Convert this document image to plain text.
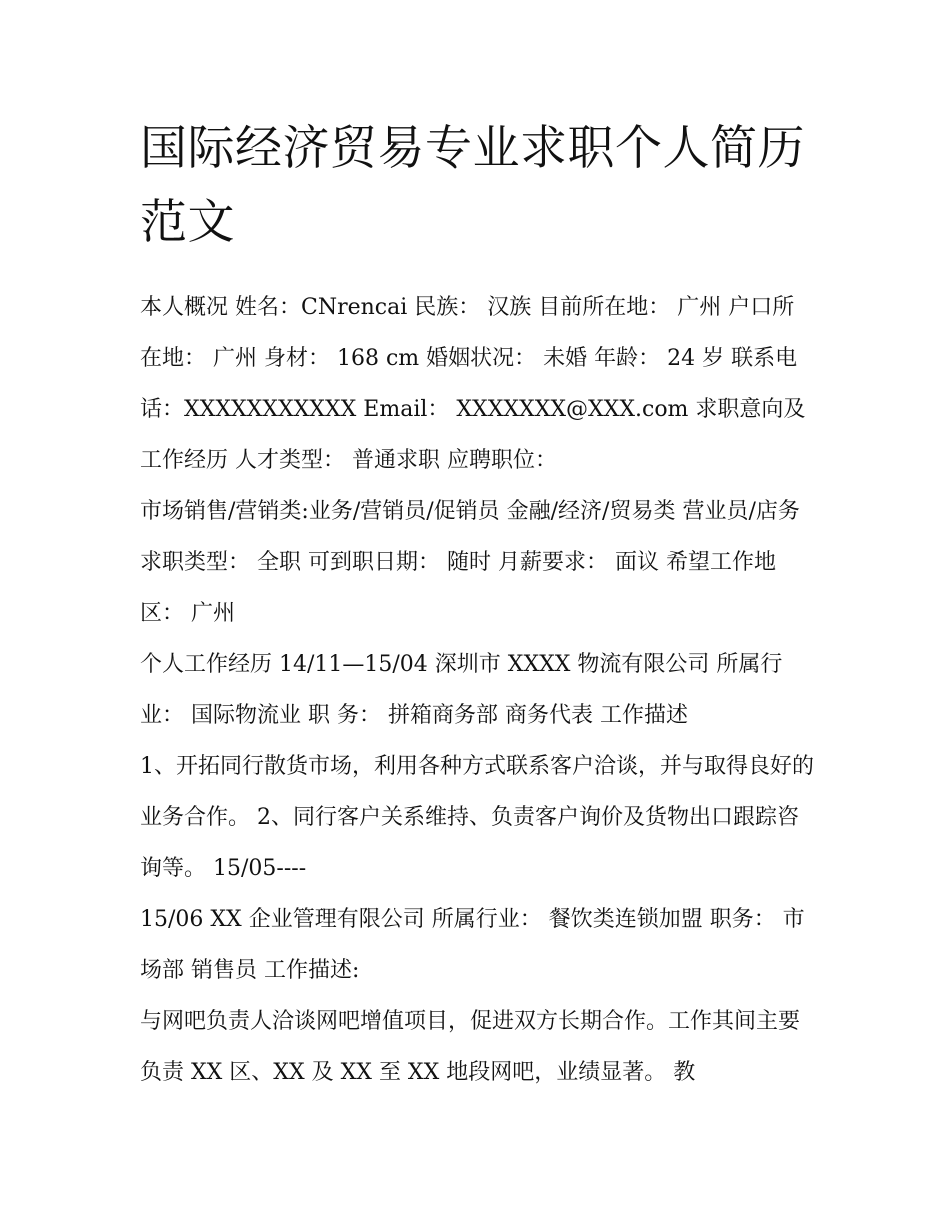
国际经济贸易专业求职个人简历范文

本人概况 姓名：CNrencai 民族： 汉族 目前所在地： 广州 户口所在地： 广州 身材： 168 cm 婚姻状况： 未婚 年龄： 24 岁 联系电话：XXXXXXXXXXX Email： XXXXXXX@XXX.com 求职意向及工作经历 人才类型： 普通求职 应聘职位：

市场销售/营销类:业务/营销员/促销员 金融/经济/贸易类 营业员/店务 求职类型： 全职 可到职日期： 随时 月薪要求： 面议 希望工作地区： 广州

个人工作经历 14/11—15/04 深圳市 XXXX 物流有限公司 所属行业： 国际物流业 职 务： 拼箱商务部 商务代表 工作描述

1、开拓同行散货市场，利用各种方式联系客户洽谈，并与取得良好的业务合作。 2、同行客户关系维持、负责客户询价及货物出口跟踪咨询等。 15/05----

15/06 XX 企业管理有限公司 所属行业： 餐饮类连锁加盟 职务： 市场部 销售员 工作描述:

与网吧负责人洽谈网吧增值项目，促进双方长期合作。工作其间主要负责 XX 区、XX 及 XX 至 XX 地段网吧，业绩显著。 教
